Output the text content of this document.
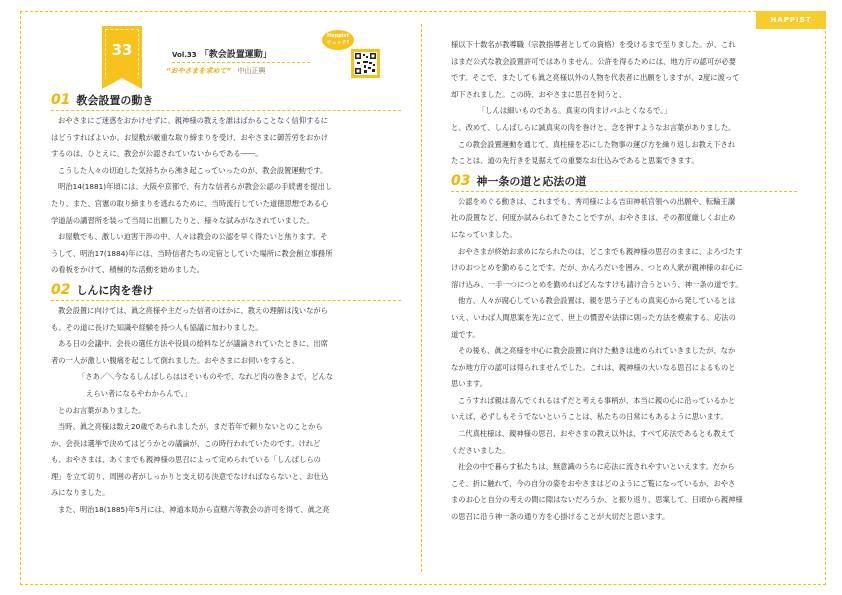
HAPPIST
33	Vol.33 「教会設置運動」
“おやさまを求めて” 中山正興
Happist
チェック!
01 教会設置の動き

おやさまにご迷惑をおかけせずに、親神様の教えを誰はばかることなく信仰するに

はどうすればよいか。お屋敷が厳重な取り締まりを受け、おやさまに御苦労をおかけ

するのは、ひとえに、教会が公認されていないからである――。

こうした人々の切迫した気持ちから沸き起こっていったのが、教会設置運動です。

明治14(1881)年頃には、大阪や京都で、有力な信者らが教会公認の手続書を提出し

たり、また、官憲の取り締まりを逃れるために、当時流行していた道徳思想である心

学道話の講習所を装って当局に出願したりと、様々な試みがなされていました。

お屋敷でも、激しい迫害干渉の中、人々は教会の公認を早く得たいと焦ります。そ

うして、明治17(1884)年には、当時信者たちの定宿としていた場所に教会創立事務所

の看板をかけて、積極的な活動を始めました。

02 しんに肉を巻け

教会設置に向けては、眞之亮様や主だった信者のほかに、教えの理解は浅いながら

も、その道に長けた知識や経験を持つ人も協議に加わりました。

ある日の会議中、会長の選任方法や役員の給料などが議論されていたときに、出席

者の一人が激しい腹痛を起こして倒れました。おやさまにお伺いをすると、

「さあ／＼今なるしんばしらはほそいものやで、なれど肉の巻きよで、どんな

えらい者になるやわからんで。」

とのお言葉がありました。

当時、眞之亮様は数え20歳であられましたが、まだ若年で頼りないとのことから

か、会長は選挙で決めてはどうかとの議論が、この時行われていたのです。けれど

も、おやさまは、あくまでも親神様の思召によって定められている「しんばしらの

理」を立て切り、周囲の者がしっかりと支え切る決意でなければならないと、お仕込

みになりました。

また、明治18(1885)年5月には、神道本局から直轄六等教会の許可を得て、眞之亮

様以下十数名が教導職（宗教指導者としての資格）を受けるまで至りました。が、これ

はまだ公式な教会設置許可ではありません。公許を得るためには、地方庁の認可が必要

です。そこで、またしても眞之亮様以外の人物を代表者に出願をしますが、2度に渡って

却下されました。この時、おやさまに思召を伺うと、

「しんは細いものである。真実の肉まけバふとくなるで。」

と、改めて、しんばしらに誠真実の肉を巻けと、念を押すようなお言葉がありました。

この教会設置運動を通じて、真柱様を芯にした物事の運び方を繰り返しお教え下され

たことは、道の先行きを見据えての重要なお仕込みであると思案できます。

03 神一条の道と応法の道

公認をめぐる動きは、これまでも、秀司様による吉田神祇官領への出願や、転輪王講

社の設置など、何度か試みられてきたことですが、おやさまは、その都度厳しくお止め

になっていました。

おやさまが終始お求めになられたのは、どこまでも親神様の思召のままに、よろづたす

けのおつとめを勤めることです。だが、かんろだいを囲み、つとめ人衆が親神様のお心に

溶け込み、一手一つにつとめを勤めればどんなすけも請け合うという、神一条の道です。

他方、人々が腐心している教会設置は、親を思う子どもの真実心から発しているとは

いえ、いわば人間思案を先に立て、世上の慣習や法律に則った方法を模索する、応法の

道です。

その後も、眞之亮様を中心に教会設置に向けた動きは進められていきましたが、なか

なか地方庁の認可は得られませんでした。これは、親神様の大いなる思召によるものと

思います。

こうすれば親は喜んでくれるはずだと考える事柄が、本当に親の心に沿っているかと

いえば、必ずしもそうでないということは、私たちの日常にもあるように思います。

二代真柱様は、親神様の思召、おやさまの教え以外は、すべて応法であるとも教えて

くださいました。

社会の中で暮らす私たちは、無意識のうちに応法に流されやすいといえます。だから

こそ、折に触れて、今の自分の姿をおやさまはどのようにご覧になっているか、おやさ

まのお心と自分の考えの間に隙はないだろうか、と振り返り、思案して、日頃から親神様

の思召に沿う神一条の通り方を心掛けることが大切だと思います。
